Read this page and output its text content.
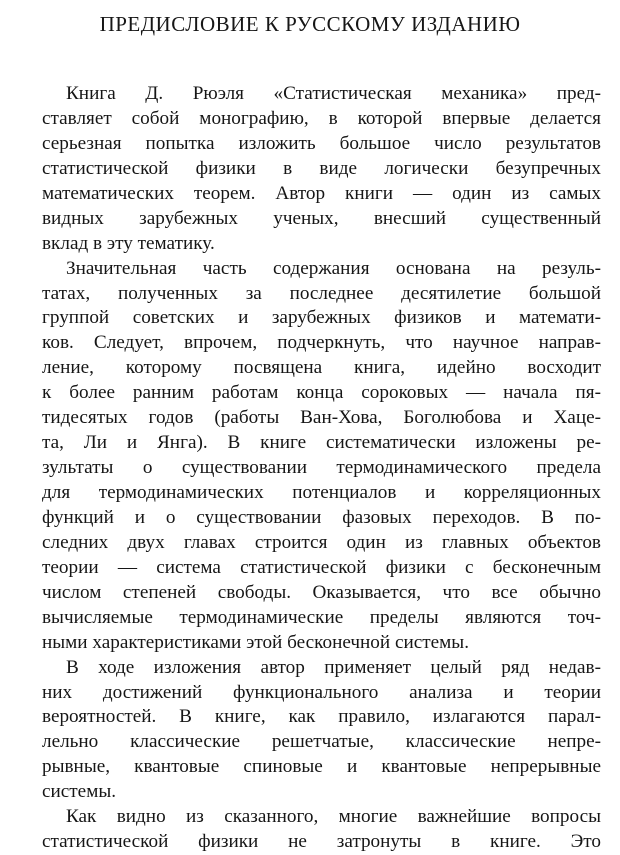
ПРЕДИСЛОВИЕ К РУССКОМУ ИЗДАНИЮ
Книга Д. Рюэля «Статистическая механика» пред-
ставляет собой монографию, в которой впервые делается
серьезная попытка изложить большое число результатов
статистической физики в виде логически безупречных
математических теорем. Автор книги — один из самых
видных зарубежных ученых, внесший существенный
вклад в эту тематику.
Значительная часть содержания основана на резуль-
татах, полученных за последнее десятилетие большой
группой советских и зарубежных физиков и математи-
ков. Следует, впрочем, подчеркнуть, что научное направ-
ление, которому посвящена книга, идейно восходит
к более ранним работам конца сороковых — начала пя-
тидесятых годов (работы Ван-Хова, Боголюбова и Хаце-
та, Ли и Янга). В книге систематически изложены ре-
зультаты о существовании термодинамического предела
для термодинамических потенциалов и корреляционных
функций и о существовании фазовых переходов. В по-
следних двух главах строится один из главных объектов
теории — система статистической физики с бесконечным
числом степеней свободы. Оказывается, что все обычно
вычисляемые термодинамические пределы являются точ-
ными характеристиками этой бесконечной системы.
В ходе изложения автор применяет целый ряд недав-
них достижений функционального анализа и теории
вероятностей. В книге, как правило, излагаются парал-
лельно классические решетчатые, классические непре-
рывные, квантовые спиновые и квантовые непрерывные
системы.
Как видно из сказанного, многие важнейшие вопросы
статистической физики не затронуты в книге. Это
